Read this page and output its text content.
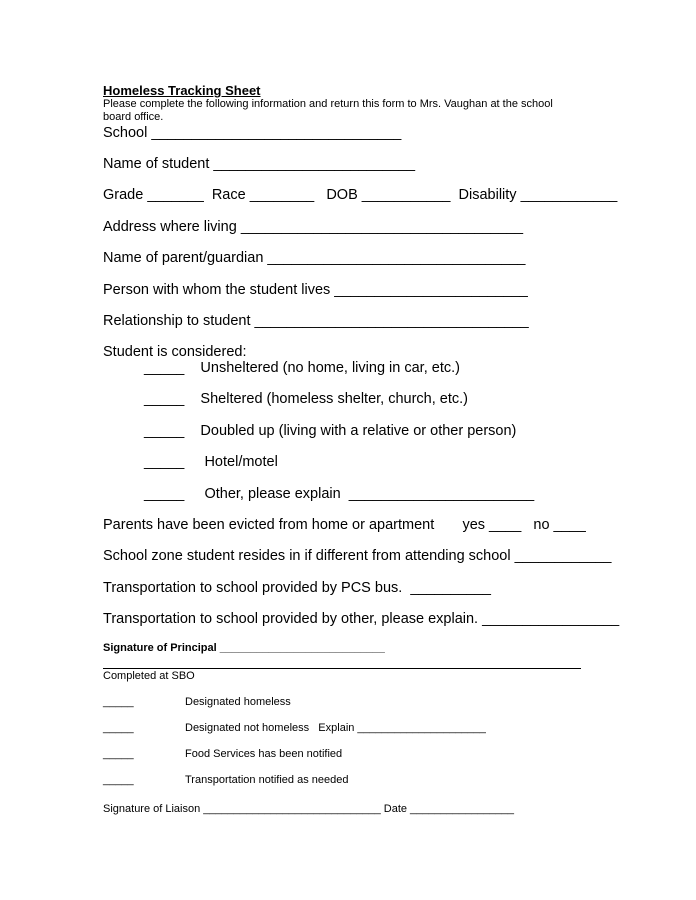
Homeless Tracking Sheet
Please complete the following information and return this form to Mrs. Vaughan at the school
board office.
School _______________________________
Name of student _________________________
Grade _______  Race ________   DOB ___________  Disability ____________
Address where living ___________________________________
Name of parent/guardian ________________________________
Person with whom the student lives ________________________
Relationship to student __________________________________
Student is considered:
_____    Unsheltered (no home, living in car, etc.)
_____    Sheltered (homeless shelter, church, etc.)
_____    Doubled up (living with a relative or other person)
_____     Hotel/motel
_____     Other, please explain  _______________________
Parents have been evicted from home or apartment       yes ____   no ____
School zone student resides in if different from attending school ____________
Transportation to school provided by PCS bus.  __________
Transportation to school provided by other, please explain. _________________
Signature of Principal ___________________________
Completed at SBO
_____	Designated homeless
_____	Designated not homeless   Explain _____________________
_____	Food Services has been notified
_____	Transportation notified as needed
Signature of Liaison _____________________________ Date _________________
